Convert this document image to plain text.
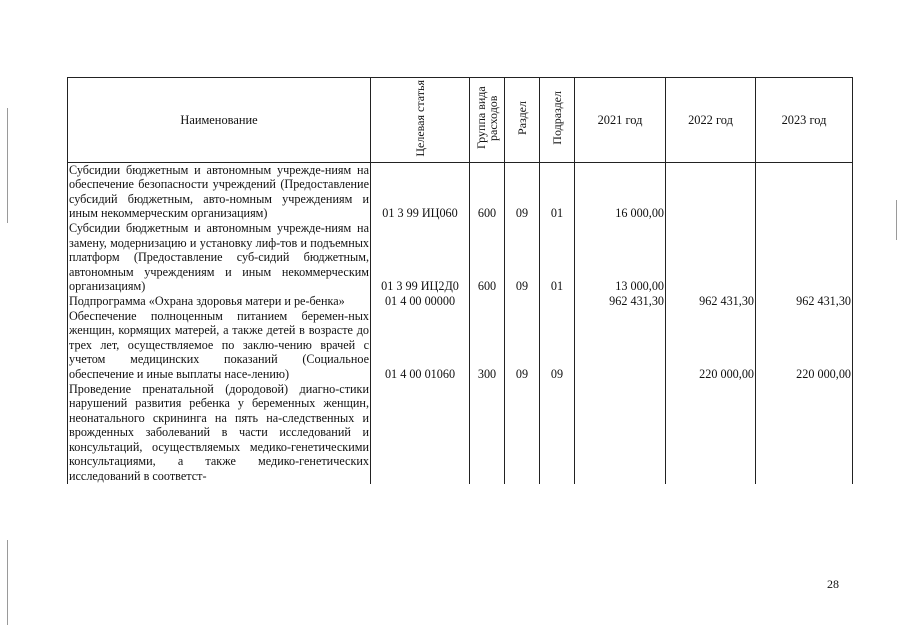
Наименование	Целевая статья	Группа вида расходов	Раздел	Подраздел	2021 год	2022 год	2023 год
Субсидии бюджетным и автономным учрежде-ниям на обеспечение безопасности учреждений (Предоставление субсидий бюджетным, авто-номным учреждениям и иным некоммерческим организациям)	01 3 99 ИЦ060	600	09	01	16 000,00		
Субсидии бюджетным и автономным учрежде-ниям на замену, модернизацию и установку лиф-тов и подъемных платформ (Предоставление суб-сидий бюджетным, автономным учреждениям и иным некоммерческим организациям)	01 3 99 ИЦ2Д0	600	09	01	13 000,00		
Подпрограмма «Охрана здоровья матери и ре-бенка»	01 4 00 00000				962 431,30	962 431,30	962 431,30
Обеспечение полноценным питанием беремен-ных женщин, кормящих матерей, а также детей в возрасте до трех лет, осуществляемое по заклю-чению врачей с учетом медицинских показаний (Социальное обеспечение и иные выплаты насе-лению)	01 4 00 01060	300	09	09		220 000,00	220 000,00
Проведение пренатальной (дородовой) диагно-стики нарушений развития ребенка у беременных женщин, неонатального скрининга на пять на-следственных и врожденных заболеваний в части исследований и консультаций, осуществляемых медико-генетическими консультациями, а также медико-генетических исследований в соответст-							
28
